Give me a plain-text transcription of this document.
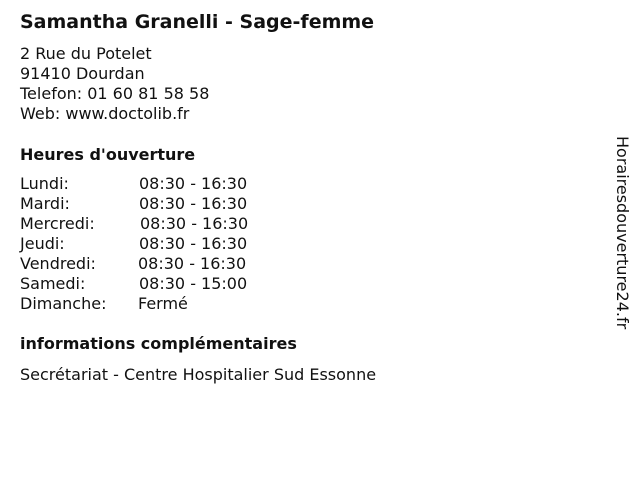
Samantha Granelli - Sage-femme
2 Rue du Potelet
91410 Dourdan
Telefon: 01 60 81 58 58
Web: www.doctolib.fr
Heures d'ouverture
Lundi:	08:30 - 16:30
Mardi:	08:30 - 16:30
Mercredi:	08:30 - 16:30
Jeudi:	08:30 - 16:30
Vendredi:	08:30 - 16:30
Samedi:	08:30 - 15:00
Dimanche: Fermé
informations complémentaires
Secrétariat - Centre Hospitalier Sud Essonne
Horairesdouverture24.fr
